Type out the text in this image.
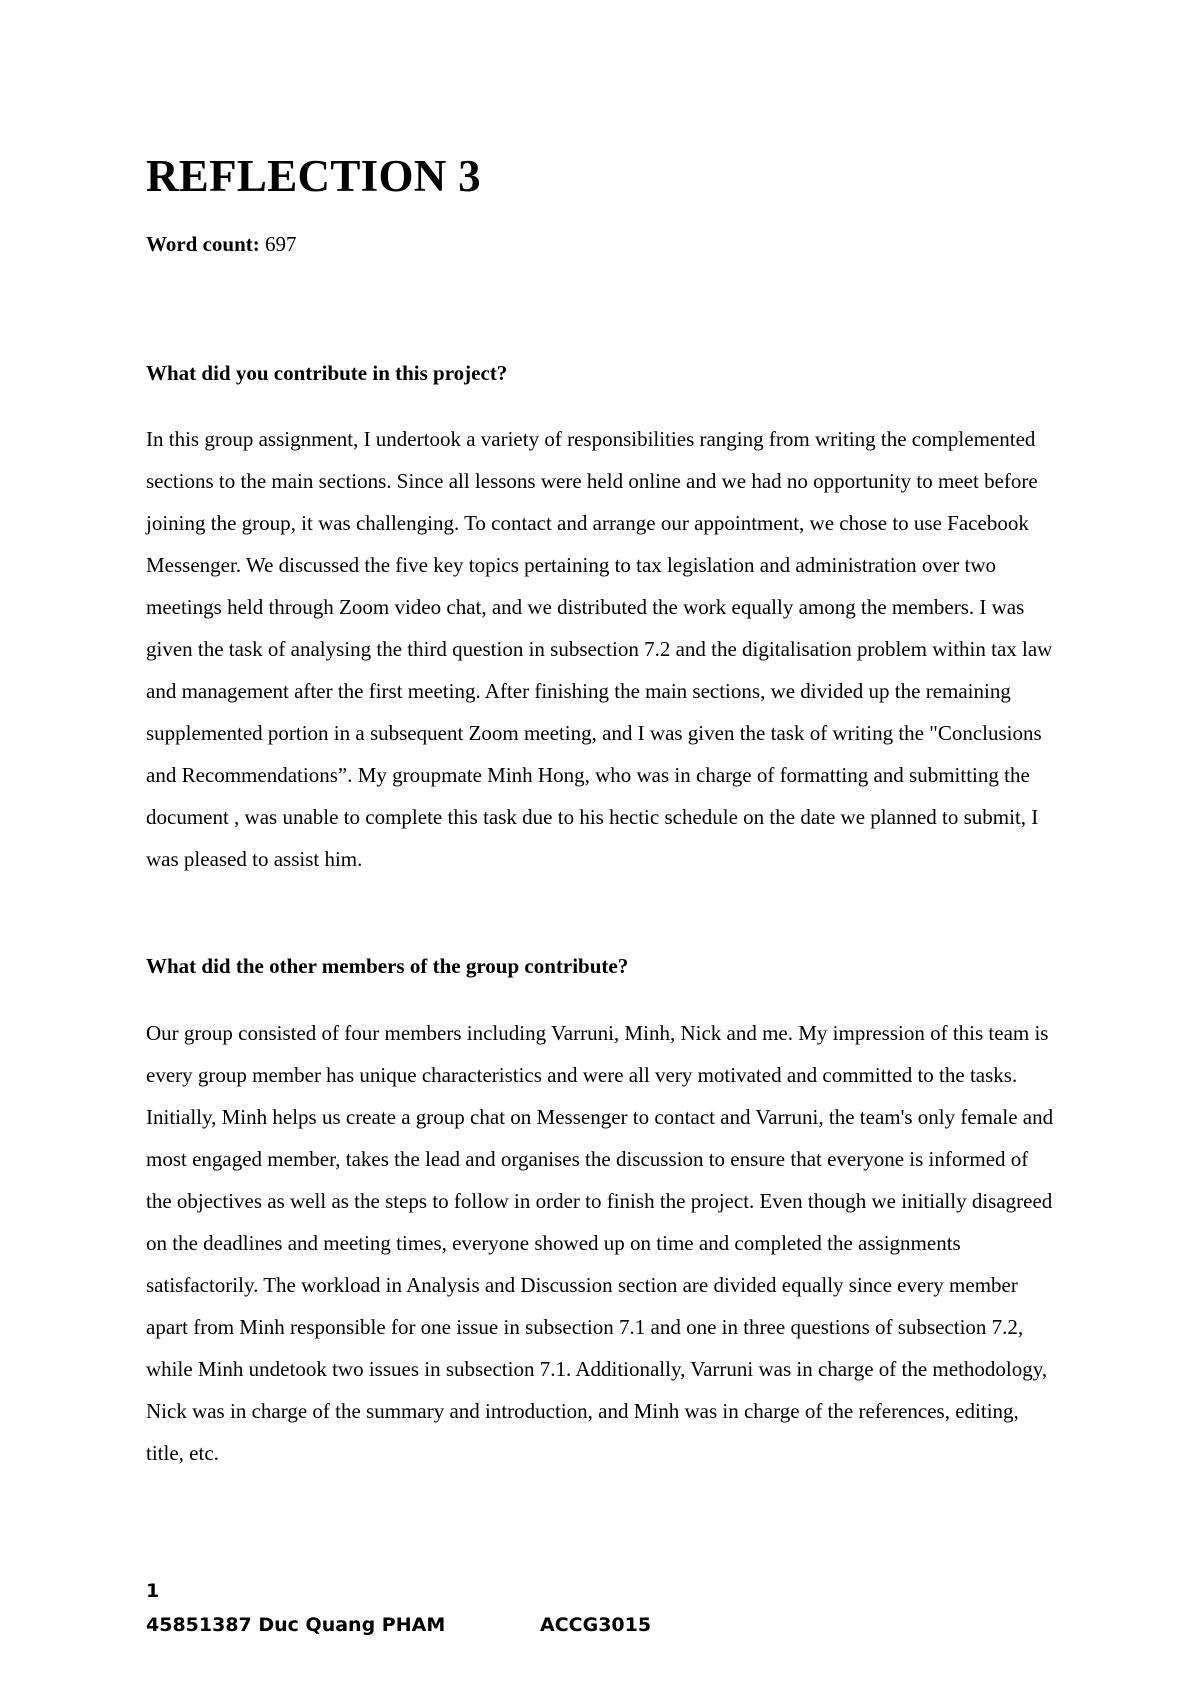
REFLECTION 3

Word count: 697

What did you contribute in this project?

In this group assignment, I undertook a variety of responsibilities ranging from writing the complemented sections to the main sections. Since all lessons were held online and we had no opportunity to meet before joining the group, it was challenging. To contact and arrange our appointment, we chose to use Facebook Messenger. We discussed the five key topics pertaining to tax legislation and administration over two meetings held through Zoom video chat, and we distributed the work equally among the members. I was given the task of analysing the third question in subsection 7.2 and the digitalisation problem within tax law and management after the first meeting. After finishing the main sections, we divided up the remaining supplemented portion in a subsequent Zoom meeting, and I was given the task of writing the "Conclusions and Recommendations”. My groupmate Minh Hong, who was in charge of formatting and submitting the document , was unable to complete this task due to his hectic schedule on the date we planned to submit, I was pleased to assist him.

What did the other members of the group contribute?

Our group consisted of four members including Varruni, Minh, Nick and me. My impression of this team is every group member has unique characteristics and were all very motivated and committed to the tasks. Initially, Minh helps us create a group chat on Messenger to contact and Varruni, the team's only female and most engaged member, takes the lead and organises the discussion to ensure that everyone is informed of the objectives as well as the steps to follow in order to finish the project. Even though we initially disagreed on the deadlines and meeting times, everyone showed up on time and completed the assignments satisfactorily. The workload in Analysis and Discussion section are divided equally since every member apart from Minh responsible for one issue in subsection 7.1 and one in three questions of subsection 7.2, while Minh undetook two issues in subsection 7.1. Additionally, Varruni was in charge of the methodology, Nick was in charge of the summary and introduction, and Minh was in charge of the references, editing, title, etc.

1

45851387 Duc Quang PHAM	ACCG3015
